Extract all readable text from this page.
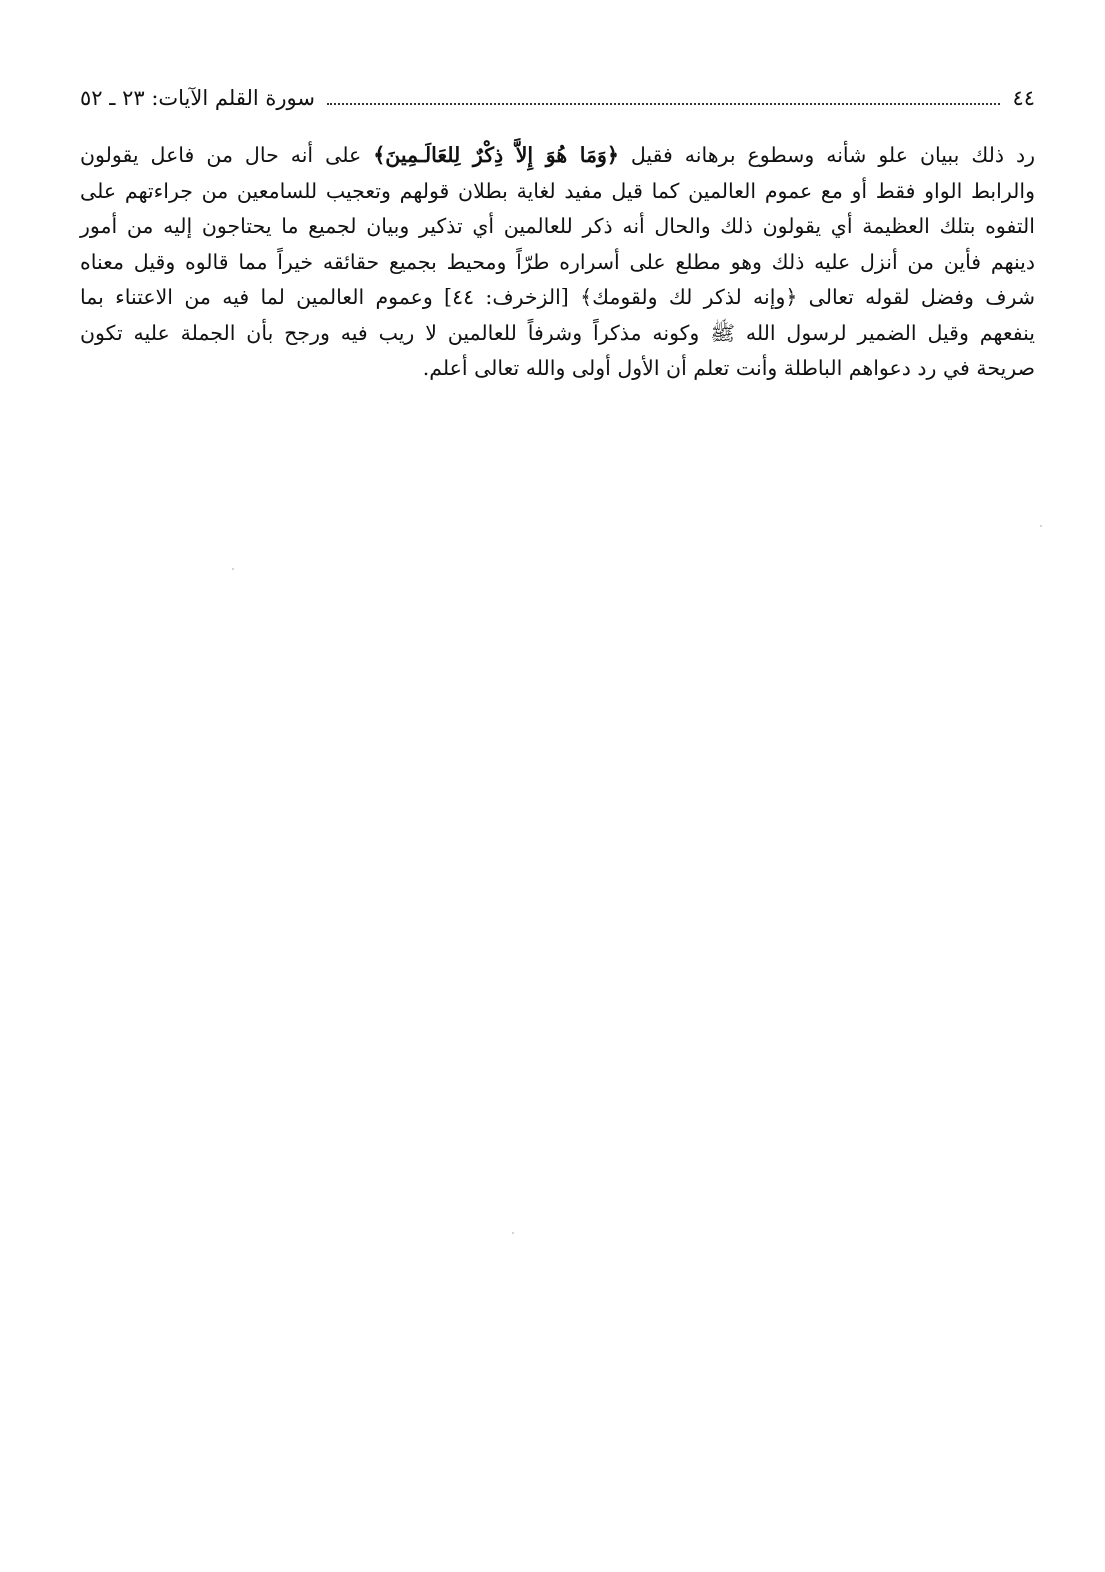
٤٤
سورة القلم الآيات: ٢٣ ـ ٥٢
رد ذلك ببيان علو شأنه وسطوع برهانه فقيل ﴿وَمَا هُوَ إِلاَّ ذِكْرٌ لِلعَالَـمِينَ﴾ على أنه حال من فاعل يقولون
والرابط الواو فقط أو مع عموم العالمين كما قيل مفيد لغاية بطلان قولهم وتعجيب للسامعين من جراءتهم على
التفوه بتلك العظيمة أي يقولون ذلك والحال أنه ذكر للعالمين أي تذكير وبيان لجميع ما يحتاجون إليه من أمور
دينهم فأين من أنزل عليه ذلك وهو مطلع على أسراره طرّاً ومحيط بجميع حقائقه خيراً مما قالوه وقيل معناه
شرف وفضل لقوله تعالى ﴿وإنه لذكر لك ولقومك﴾ [الزخرف: ٤٤] وعموم العالمين لما فيه من الاعتناء بما
ينفعهم وقيل الضمير لرسول الله ﷺ وكونه مذكراً وشرفاً للعالمين لا ريب فيه ورجح بأن الجملة عليه تكون
صريحة في رد دعواهم الباطلة وأنت تعلم أن الأول أولى والله تعالى أعلم.
